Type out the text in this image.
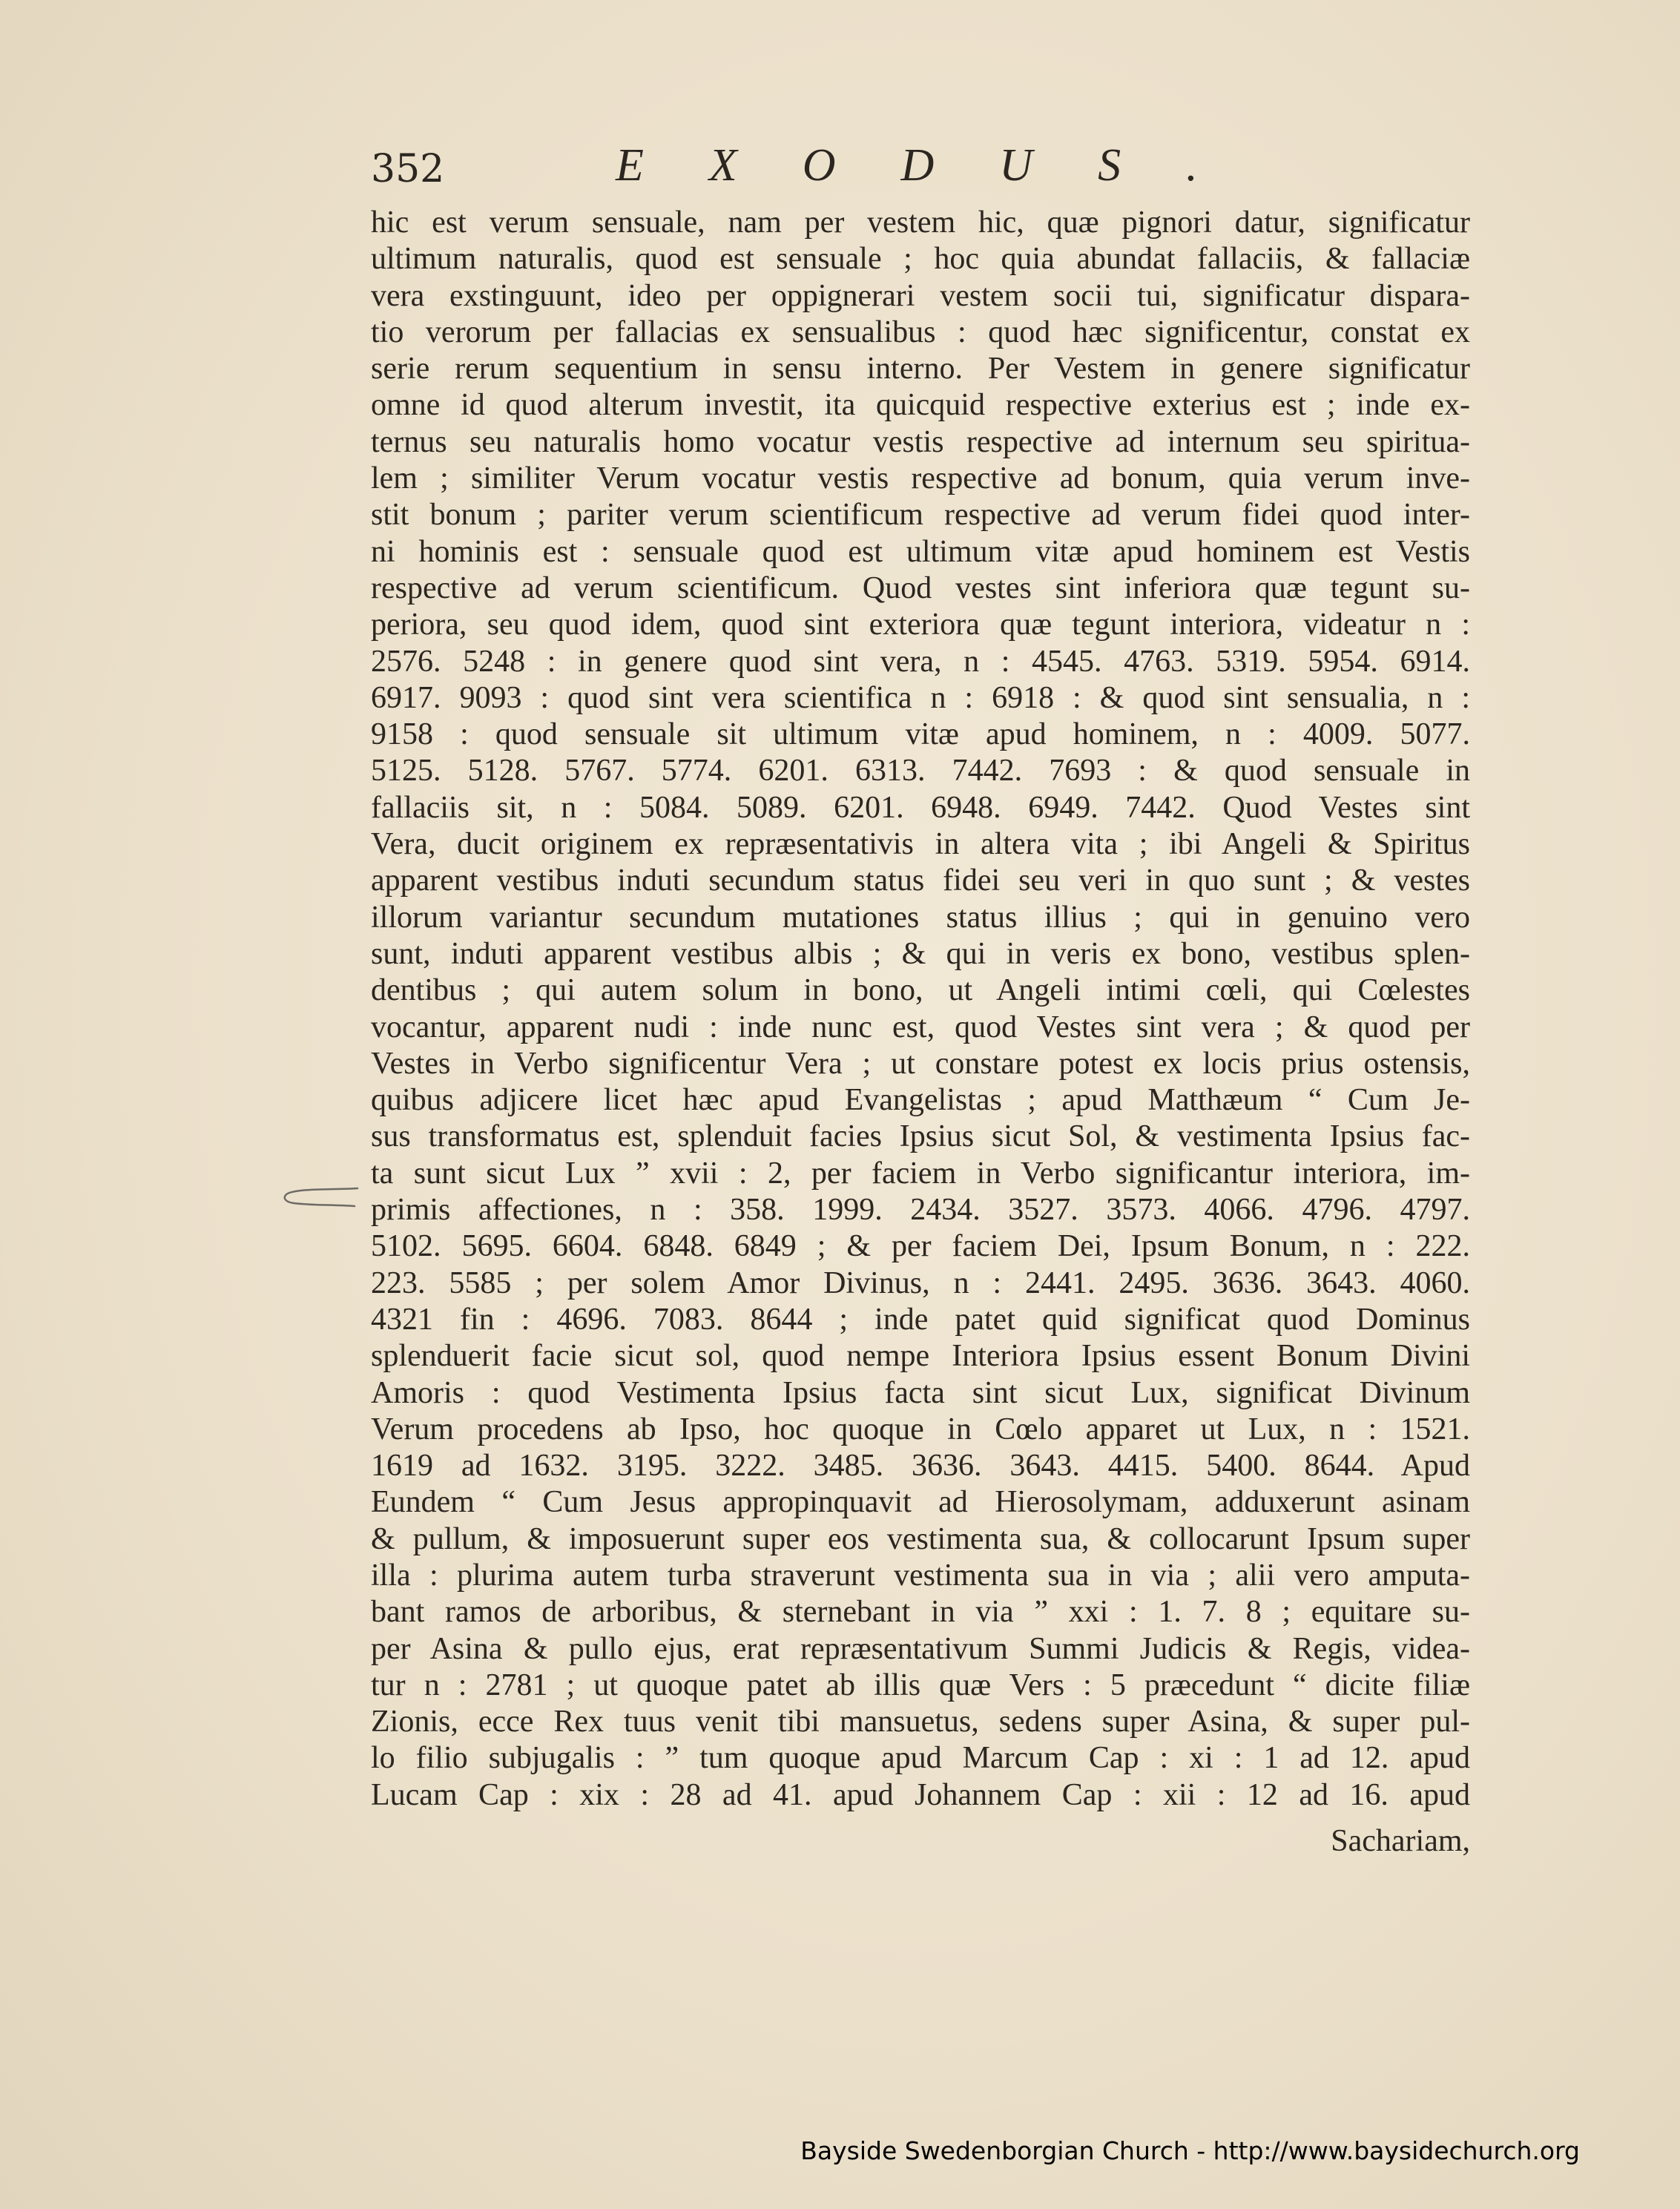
352	EXODUS.
hic est verum sensuale, nam per vestem hic, quæ pignori datur, significatur
ultimum naturalis, quod est sensuale ; hoc quia abundat fallaciis, & fallaciæ
vera exstinguunt, ideo per oppignerari vestem socii tui, significatur dispara-
tio verorum per fallacias ex sensualibus : quod hæc significentur, constat ex
serie rerum sequentium in sensu interno. Per Vestem in genere significatur
omne id quod alterum investit, ita quicquid respective exterius est ; inde ex-
ternus seu naturalis homo vocatur vestis respective ad internum seu spiritua-
lem ; similiter Verum vocatur vestis respective ad bonum, quia verum inve-
stit bonum ; pariter verum scientificum respective ad verum fidei quod inter-
ni hominis est : sensuale quod est ultimum vitæ apud hominem est Vestis
respective ad verum scientificum. Quod vestes sint inferiora quæ tegunt su-
periora, seu quod idem, quod sint exteriora quæ tegunt interiora, videatur n :
2576. 5248 : in genere quod sint vera, n : 4545. 4763. 5319. 5954. 6914.
6917. 9093 : quod sint vera scientifica n : 6918 : & quod sint sensualia, n :
9158 : quod sensuale sit ultimum vitæ apud hominem, n : 4009. 5077.
5125. 5128. 5767. 5774. 6201. 6313. 7442. 7693 : & quod sensuale in
fallaciis sit, n : 5084. 5089. 6201. 6948. 6949. 7442. Quod Vestes sint
Vera, ducit originem ex repræsentativis in altera vita ; ibi Angeli & Spiritus
apparent vestibus induti secundum status fidei seu veri in quo sunt ; & vestes
illorum variantur secundum mutationes status illius ; qui in genuino vero
sunt, induti apparent vestibus albis ; & qui in veris ex bono, vestibus splen-
dentibus ; qui autem solum in bono, ut Angeli intimi cœli, qui Cœlestes
vocantur, apparent nudi : inde nunc est, quod Vestes sint vera ; & quod per
Vestes in Verbo significentur Vera ; ut constare potest ex locis prius ostensis,
quibus adjicere licet hæc apud Evangelistas ; apud Matthæum “ Cum Je-
sus transformatus est, splenduit facies Ipsius sicut Sol, & vestimenta Ipsius fac-
ta sunt sicut Lux ” xvii : 2, per faciem in Verbo significantur interiora, im-
primis affectiones, n : 358. 1999. 2434. 3527. 3573. 4066. 4796. 4797.
5102. 5695. 6604. 6848. 6849 ; & per faciem Dei, Ipsum Bonum, n : 222.
223. 5585 ; per solem Amor Divinus, n : 2441. 2495. 3636. 3643. 4060.
4321 fin : 4696. 7083. 8644 ; inde patet quid significat quod Dominus
splenduerit facie sicut sol, quod nempe Interiora Ipsius essent Bonum Divini
Amoris : quod Vestimenta Ipsius facta sint sicut Lux, significat Divinum
Verum procedens ab Ipso, hoc quoque in Cœlo apparet ut Lux, n : 1521.
1619 ad 1632. 3195. 3222. 3485. 3636. 3643. 4415. 5400. 8644. Apud
Eundem “ Cum Jesus appropinquavit ad Hierosolymam, adduxerunt asinam
& pullum, & imposuerunt super eos vestimenta sua, & collocarunt Ipsum super
illa : plurima autem turba straverunt vestimenta sua in via ; alii vero amputa-
bant ramos de arboribus, & sternebant in via ” xxi : 1. 7. 8 ; equitare su-
per Asina & pullo ejus, erat repræsentativum Summi Judicis & Regis, videa-
tur n : 2781 ; ut quoque patet ab illis quæ Vers : 5 præcedunt “ dicite filiæ
Zionis, ecce Rex tuus venit tibi mansuetus, sedens super Asina, & super pul-
lo filio subjugalis : ” tum quoque apud Marcum Cap : xi : 1 ad 12. apud
Lucam Cap : xix : 28 ad 41. apud Johannem Cap : xii : 12 ad 16. apud
Sachariam,
Bayside Swedenborgian Church - http://www.baysidechurch.org
